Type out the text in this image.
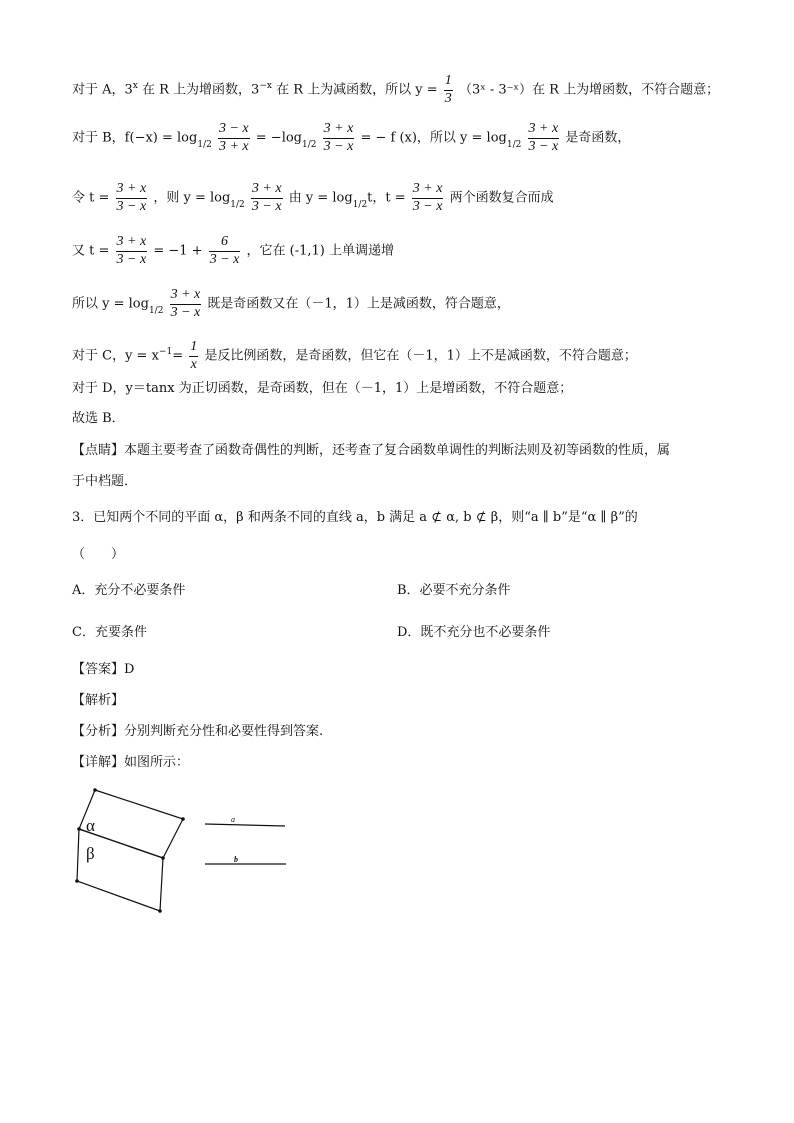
对于 A，3$^x$ 在 R 上为增函数，$3^{-x}$ 在 R 上为减函数，所以 $y = \frac{1}{3}$ （3ˣ - 3⁻ˣ）在 R 上为增函数，不符合题意；
对于 B，$f(-x) = \log_{1/2} \frac{3 - x}{3 + x} = -\log_{1/2} \frac{3 + x}{3 - x}$ = − f (x)，所以 $y = \log_{1/2} \frac{3 + x}{3 - x}$ 是奇函数，
令 $t = \frac{3 + x}{3 - x}$ ，则 $y = \log_{1/2} \frac{3 + x}{3 - x}$ 由 $y = \log_{1/2}t$，$t = \frac{3 + x}{3 - x}$ 两个函数复合而成
又 $t = \frac{3 + x}{3 - x} = -1 + \frac{6}{3 - x}$ ，它在 (-1,1) 上单调递增
所以 $y = \log_{1/2} \frac{3 + x}{3 - x}$ 既是奇函数又在（－1，1）上是减函数，符合题意，
对于 C，$y = x^{-1}= \frac{1}{x}$ 是反比例函数，是奇函数，但它在（－1，1）上不是减函数，不符合题意；
对于 D，y＝tanx 为正切函数，是奇函数，但在（－1，1）上是增函数，不符合题意；
故选 B．
【点睛】本题主要考查了函数奇偶性的判断，还考查了复合函数单调性的判断法则及初等函数的性质，属
于中档题．
3．已知两个不同的平面 α，β 和两条不同的直线 a，b 满足 a ⊄ α, b ⊄ β，则“a ∥ b”是“α ∥ β”的
（　　）
A．充分不必要条件	B．必要不充分条件
C．充要条件	D．既不充分也不必要条件
【答案】D
【解析】
【分析】分别判断充分性和必要性得到答案.
【详解】如图所示：
α
β
a
b
